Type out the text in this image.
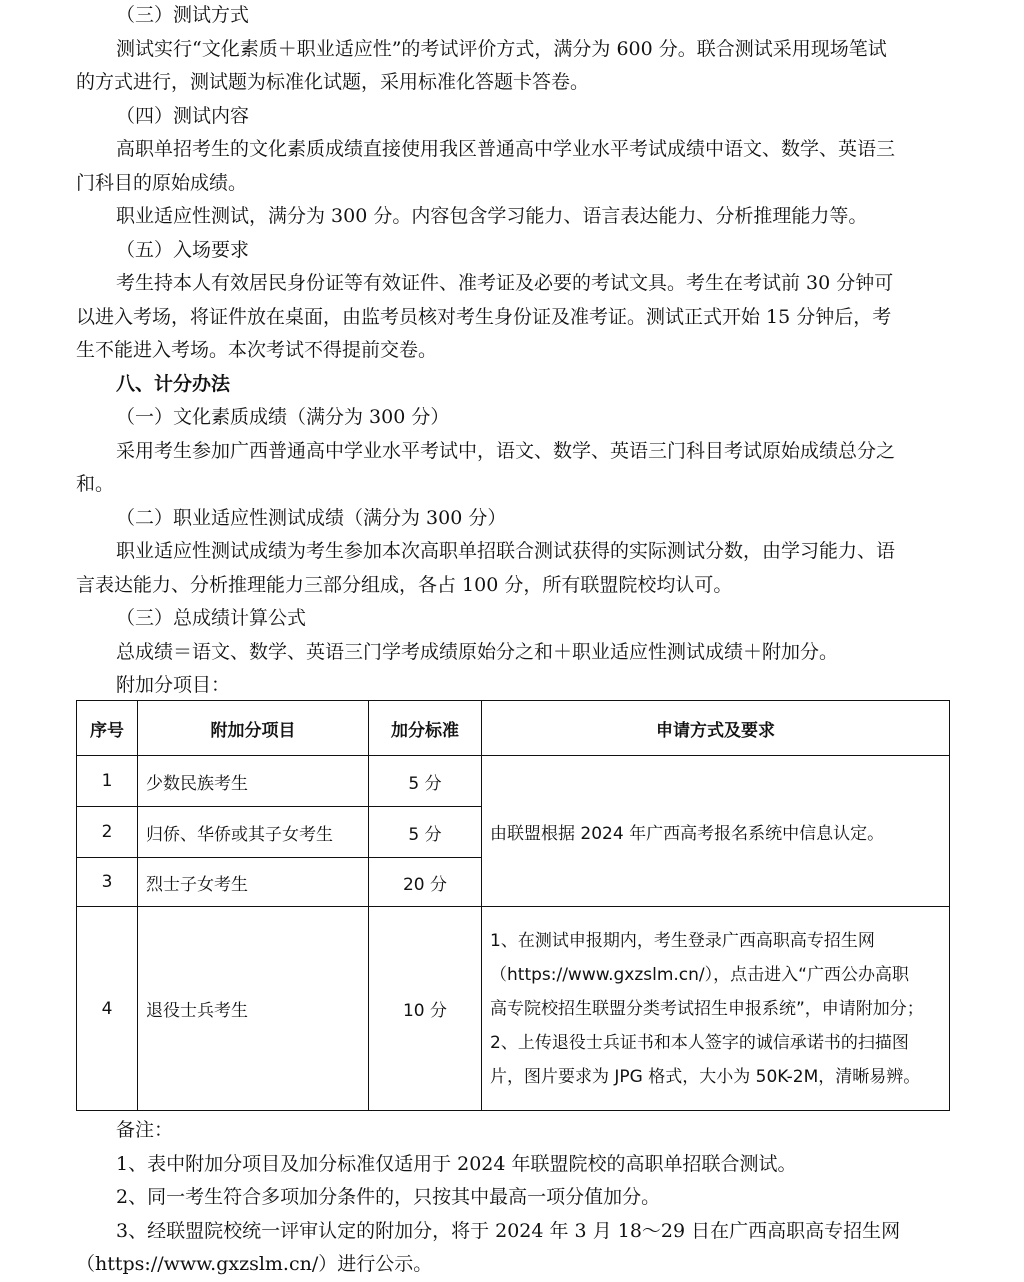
（三）测试方式
测试实行“文化素质＋职业适应性”的考试评价方式，满分为 600 分。联合测试采用现场笔试
的方式进行，测试题为标准化试题，采用标准化答题卡答卷。
（四）测试内容
高职单招考生的文化素质成绩直接使用我区普通高中学业水平考试成绩中语文、数学、英语三
门科目的原始成绩。
职业适应性测试，满分为 300 分。内容包含学习能力、语言表达能力、分析推理能力等。
（五）入场要求
考生持本人有效居民身份证等有效证件、准考证及必要的考试文具。考生在考试前 30 分钟可
以进入考场，将证件放在桌面，由监考员核对考生身份证及准考证。测试正式开始 15 分钟后，考
生不能进入考场。本次考试不得提前交卷。
八、计分办法
（一）文化素质成绩（满分为 300 分）
采用考生参加广西普通高中学业水平考试中，语文、数学、英语三门科目考试原始成绩总分之
和。
（二）职业适应性测试成绩（满分为 300 分）
职业适应性测试成绩为考生参加本次高职单招联合测试获得的实际测试分数，由学习能力、语
言表达能力、分析推理能力三部分组成，各占 100 分，所有联盟院校均认可。
（三）总成绩计算公式
总成绩＝语文、数学、英语三门学考成绩原始分之和＋职业适应性测试成绩＋附加分。
附加分项目：
序号	附加分项目	加分标准	申请方式及要求
1	少数民族考生	5 分	由联盟根据 2024 年广西高考报名系统中信息认定。
2	归侨、华侨或其子女考生	5 分	
3	烈士子女考生	20 分	
4	退役士兵考生	10 分	1、在测试申报期内，考生登录广西高职高专招生网
（https://www.gxzslm.cn/），点击进入“广西公办高职
高专院校招生联盟分类考试招生申报系统”，申请附加分；
2、上传退役士兵证书和本人签字的诚信承诺书的扫描图
片，图片要求为 JPG 格式，大小为 50K-2M，清晰易辨。
备注：
1、表中附加分项目及加分标准仅适用于 2024 年联盟院校的高职单招联合测试。
2、同一考生符合多项加分条件的，只按其中最高一项分值加分。
3、经联盟院校统一评审认定的附加分，将于 2024 年 3 月 18～29 日在广西高职高专招生网
（https://www.gxzslm.cn/）进行公示。
